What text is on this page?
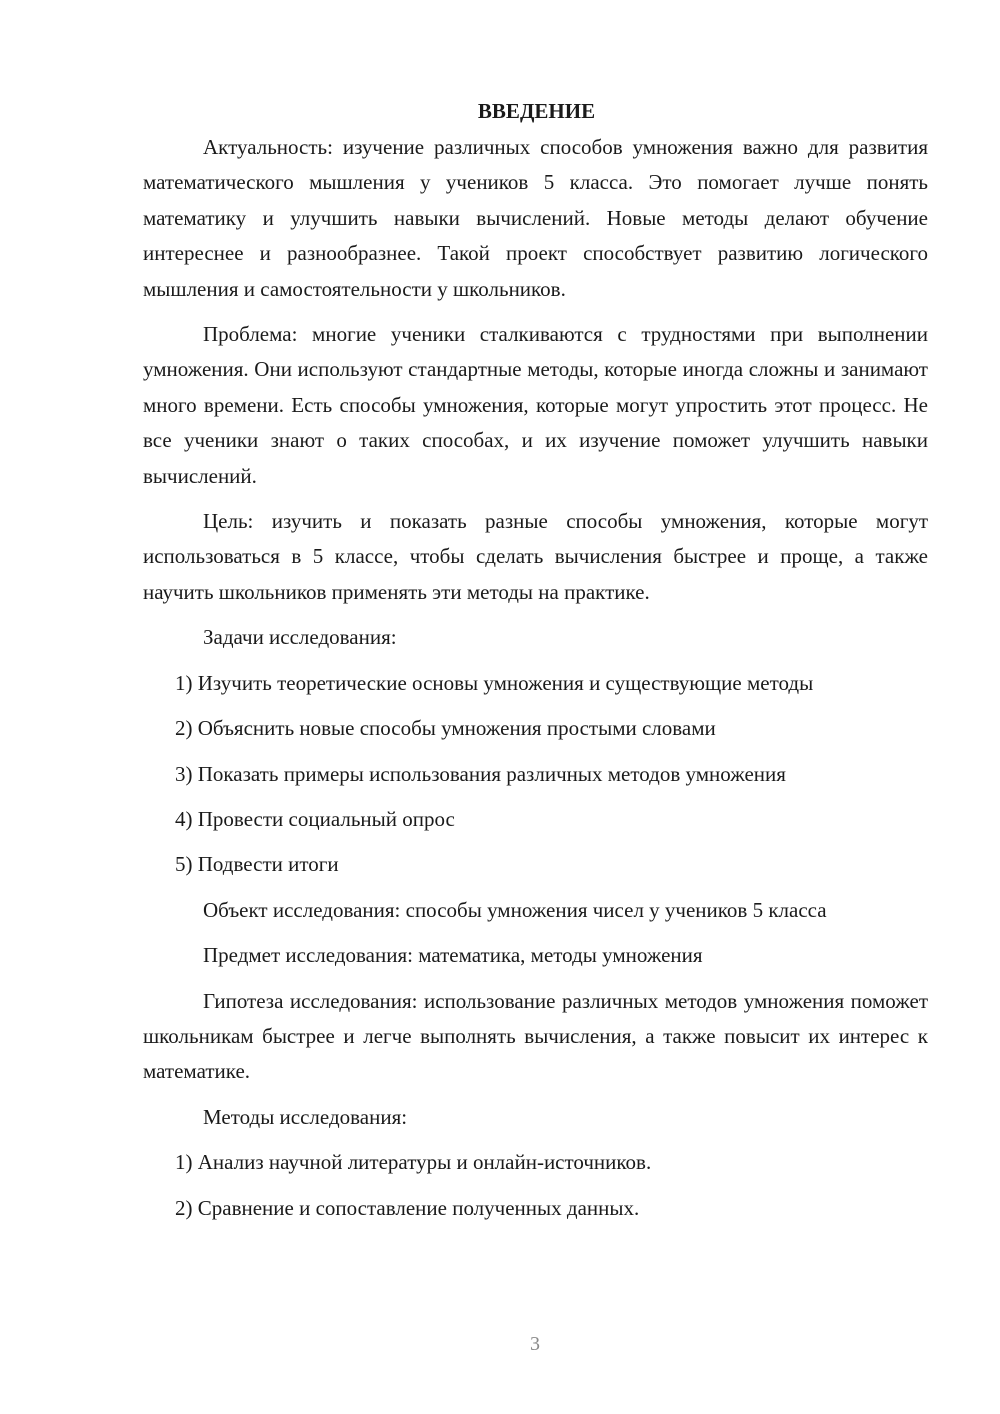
ВВЕДЕНИЕ

Актуальность: изучение различных способов умножения важно для развития математического мышления у учеников 5 класса. Это помогает лучше понять математику и улучшить навыки вычислений. Новые методы делают обучение интереснее и разнообразнее. Такой проект способствует развитию логического мышления и самостоятельности у школьников.

Проблема: многие ученики сталкиваются с трудностями при выполнении умножения. Они используют стандартные методы, которые иногда сложны и занимают много времени. Есть способы умножения, которые могут упростить этот процесс. Не все ученики знают о таких способах, и их изучение поможет улучшить навыки вычислений.

Цель: изучить и показать разные способы умножения, которые могут использоваться в 5 классе, чтобы сделать вычисления быстрее и проще, а также научить школьников применять эти методы на практике.

Задачи исследования:

1) Изучить теоретические основы умножения и существующие методы
2) Объяснить новые способы умножения простыми словами
3) Показать примеры использования различных методов умножения
4) Провести социальный опрос
5) Подвести итоги

Объект исследования: способы умножения чисел у учеников 5 класса

Предмет исследования: математика, методы умножения

Гипотеза исследования: использование различных методов умножения поможет школьникам быстрее и легче выполнять вычисления, а также повысит их интерес к математике.

Методы исследования:

1) Анализ научной литературы и онлайн-источников.
2) Сравнение и сопоставление полученных данных.
3
